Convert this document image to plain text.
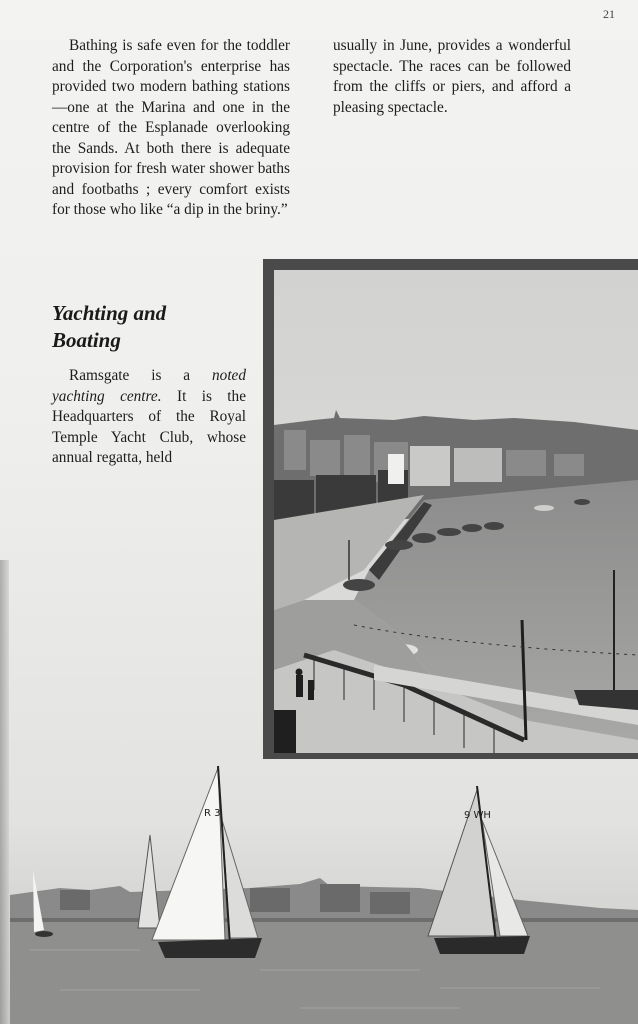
21

Bathing is safe even for the toddler and the Corporation's enterprise has provided two modern bathing stations—one at the Marina and one in the centre of the Esplanade overlooking the Sands. At both there is adequate provision for fresh water shower baths and footbaths ; every comfort exists for those who like “a dip in the briny.”

usually in June, provides a wonderful spectacle. The races can be followed from the cliffs or piers, and afford a pleasing spectacle.

Yachting and
Boating

Ramsgate is a noted yachting centre. It is the Headquarters of the Royal Temple Yacht Club, whose annual regatta, held

R 3	9 WH
